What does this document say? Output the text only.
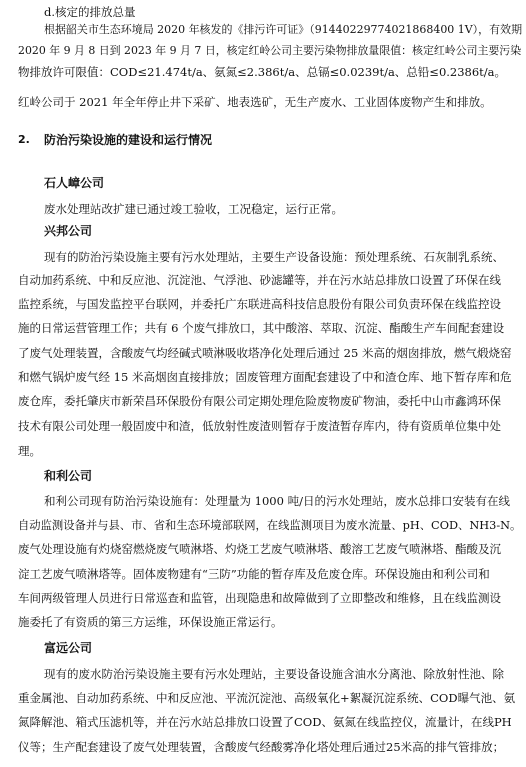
d.核定的排放总量
根据韶关市生态环境局 2020 年核发的《排污许可证》（91440229774021868400 1V），有效期
2020 年 9 月 8 日到 2023 年 9 月 7 日，核定红岭公司主要污染物排放量限值：核定红岭公司主要污染
物排放许可限值：COD≤21.474t/a、氨氮≤2.386t/a、总镉≤0.0239t/a、总铅≤0.2386t/a。
红岭公司于 2021 年全年停止井下采矿、地表选矿，无生产废水、工业固体废物产生和排放。
2. 防治污染设施的建设和运行情况
石人嶂公司
废水处理站改扩建已通过竣工验收，工况稳定，运行正常。
兴邦公司
现有的防治污染设施主要有污水处理站，主要生产设备设施：预处理系统、石灰制乳系统、
自动加药系统、中和反应池、沉淀池、气浮池、砂滤罐等，并在污水站总排放口设置了环保在线
监控系统，与国发监控平台联网，并委托广东联进高科技信息股份有限公司负责环保在线监控设
施的日常运营管理工作；共有 6 个废气排放口，其中酸溶、萃取、沉淀、酯酸生产车间配套建设
了废气处理装置，含酸废气均经碱式喷淋吸收塔净化处理后通过 25 米高的烟囱排放，燃气煅烧窑
和燃气锅炉废气经 15 米高烟囱直接排放；固废管理方面配套建设了中和渣仓库、地下暂存库和危
废仓库，委托肇庆市新荣昌环保股份有限公司定期处理危险废物废矿物油，委托中山市鑫鸿环保
技术有限公司处理一般固废中和渣，低放射性废渣则暂存于废渣暂存库内，待有资质单位集中处
理。
和利公司
和利公司现有防治污染设施有：处理量为 1000 吨/日的污水处理站，废水总排口安装有在线
自动监测设备并与县、市、省和生态环境部联网，在线监测项目为废水流量、pH、COD、NH3-N。
废气处理设施有灼烧窑燃烧废气喷淋塔、灼烧工艺废气喷淋塔、酸溶工艺废气喷淋塔、酯酸及沉
淀工艺废气喷淋塔等。固体废物建有“三防”功能的暂存库及危废仓库。环保设施由和利公司和
车间两级管理人员进行日常巡查和监管，出现隐患和故障做到了立即整改和维修，且在线监测设
施委托了有资质的第三方运维，环保设施正常运行。
富远公司
现有的废水防治污染设施主要有污水处理站，主要设备设施含油水分离池、除放射性池、除
重金属池、自动加药系统、中和反应池、平流沉淀池、高级氧化+絮凝沉淀系统、COD曝气池、氨
氮降解池、箱式压滤机等，并在污水站总排放口设置了COD、氨氮在线监控仪，流量计，在线PH
仪等；生产配套建设了废气处理装置，含酸废气经酸雾净化塔处理后通过25米高的排气管排放；
